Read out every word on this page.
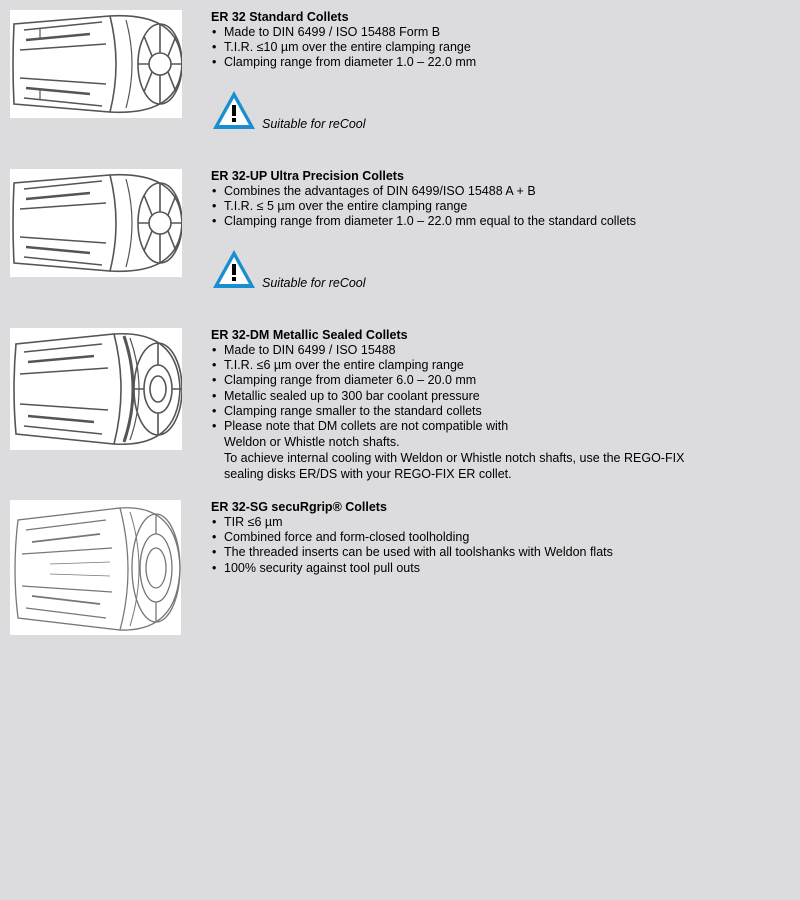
ER 32 Standard Collets

• Made to DIN 6499 / ISO 15488 Form B
• T.I.R. ≤10 µm over the entire clamping range
• Clamping range from diameter 1.0 – 22.0 mm
Suitable for reCool

ER 32-UP Ultra Precision Collets

• Combines the advantages of DIN 6499/ISO 15488 A + B
• T.I.R. ≤ 5 µm over the entire clamping range
• Clamping range from diameter 1.0 – 22.0 mm equal to the standard collets
Suitable for reCool

ER 32-DM Metallic Sealed Collets

• Made to DIN 6499 / ISO 15488
• T.I.R. ≤6 µm over the entire clamping range
• Clamping range from diameter 6.0 – 20.0 mm
• Metallic sealed up to 300 bar coolant pressure
• Clamping range smaller to the standard collets
• Please note that DM collets are not compatible with
Weldon or Whistle notch shafts.
To achieve internal cooling with Weldon or Whistle notch shafts, use the REGO-FIX
sealing disks ER/DS with your REGO-FIX ER collet.

ER 32-SG secuRgrip® Collets

• TIR ≤6 µm
• Combined force and form-closed toolholding
• The threaded inserts can be used with all toolshanks with Weldon flats
• 100% security against tool pull outs
